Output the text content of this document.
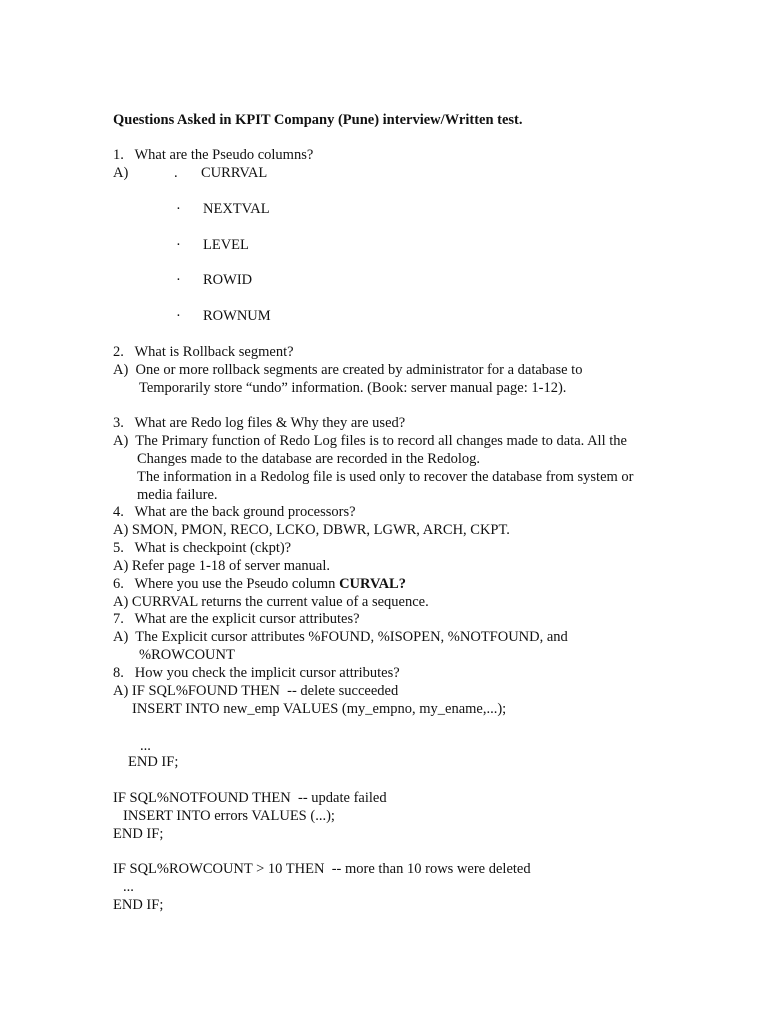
Questions Asked in KPIT Company (Pune) interview/Written test.
1.   What are the Pseudo columns?
A)	. CURRVAL
· NEXTVAL
· LEVEL
· ROWID
· ROWNUM
2.   What is Rollback segment?
A)  One or more rollback segments are created by administrator for a database to
Temporarily store “undo” information. (Book: server manual page: 1-12).
3.   What are Redo log files & Why they are used?
A)  The Primary function of Redo Log files is to record all changes made to data. All the
Changes made to the database are recorded in the Redolog.
The information in a Redolog file is used only to recover the database from system or
media failure.
4.   What are the back ground processors?
A) SMON, PMON, RECO, LCKO, DBWR, LGWR, ARCH, CKPT.
5.   What is checkpoint (ckpt)?
A) Refer page 1-18 of server manual.
6.   Where you use the Pseudo column CURVAL?
A) CURRVAL returns the current value of a sequence.
7.   What are the explicit cursor attributes?
A)  The Explicit cursor attributes %FOUND, %ISOPEN, %NOTFOUND, and
%ROWCOUNT
8.   How you check the implicit cursor attributes?
A) IF SQL%FOUND THEN  -- delete succeeded
INSERT INTO new_emp VALUES (my_empno, my_ename,...);
...
END IF;
IF SQL%NOTFOUND THEN  -- update failed
INSERT INTO errors VALUES (...);
END IF;
IF SQL%ROWCOUNT > 10 THEN  -- more than 10 rows were deleted
...
END IF;
